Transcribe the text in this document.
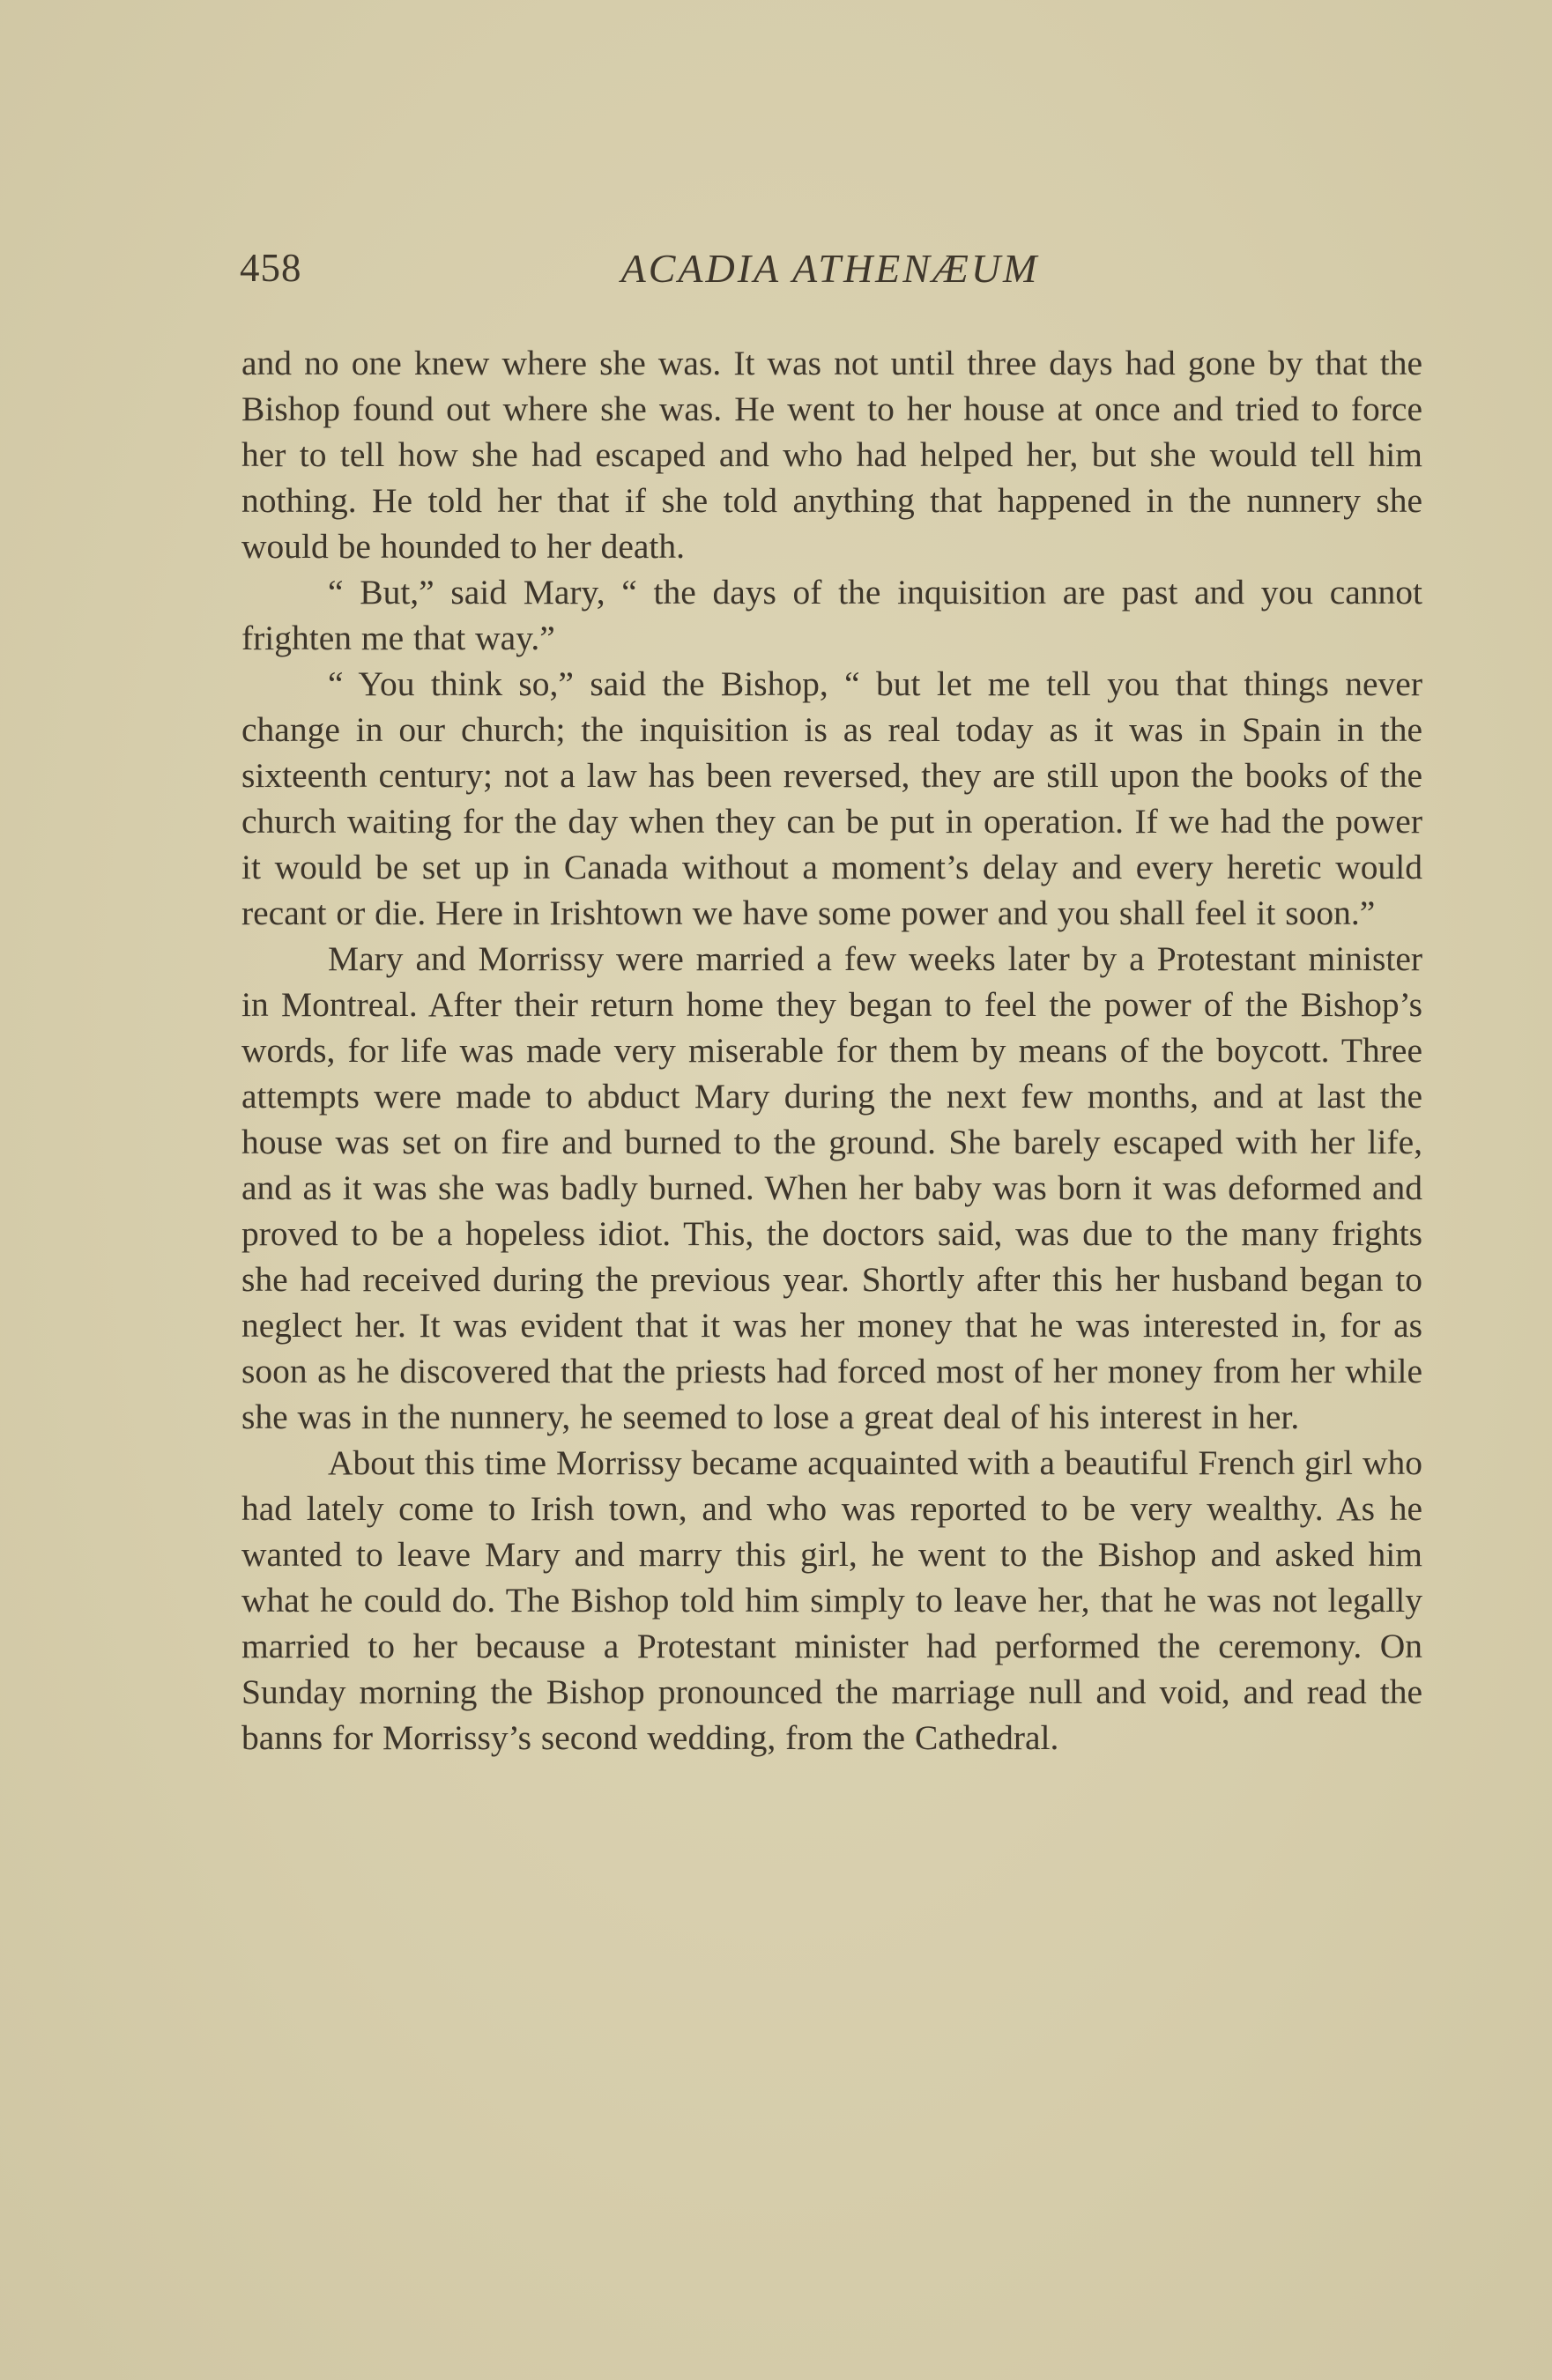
458	ACADIA ATHENÆUM

and no one knew where she was. It was not until three days had gone by that the Bishop found out where she was. He went to her house at once and tried to force her to tell how she had escaped and who had helped her, but she would tell him nothing. He told her that if she told anything that happened in the nunnery she would be hounded to her death.

“ But,” said Mary, “ the days of the inquisition are past and you cannot frighten me that way.”

“ You think so,” said the Bishop, “ but let me tell you that things never change in our church; the inquisition is as real today as it was in Spain in the sixteenth century; not a law has been reversed, they are still upon the books of the church waiting for the day when they can be put in operation. If we had the power it would be set up in Canada without a moment’s delay and every heretic would recant or die. Here in Irishtown we have some power and you shall feel it soon.”

Mary and Morrissy were married a few weeks later by a Protestant minister in Montreal. After their return home they began to feel the power of the Bishop’s words, for life was made very miserable for them by means of the boycott. Three attempts were made to abduct Mary during the next few months, and at last the house was set on fire and burned to the ground. She barely escaped with her life, and as it was she was badly burned. When her baby was born it was deformed and proved to be a hopeless idiot. This, the doctors said, was due to the many frights she had received during the previous year. Shortly after this her husband began to neglect her. It was evident that it was her money that he was interested in, for as soon as he discovered that the priests had forced most of her money from her while she was in the nunnery, he seemed to lose a great deal of his interest in her.

About this time Morrissy became acquainted with a beautiful French girl who had lately come to Irish town, and who was reported to be very wealthy. As he wanted to leave Mary and marry this girl, he went to the Bishop and asked him what he could do. The Bishop told him simply to leave her, that he was not legally married to her because a Protestant minister had performed the ceremony. On Sunday morning the Bishop pronounced the marriage null and void, and read the banns for Morrissy’s second wedding, from the Cathedral.
